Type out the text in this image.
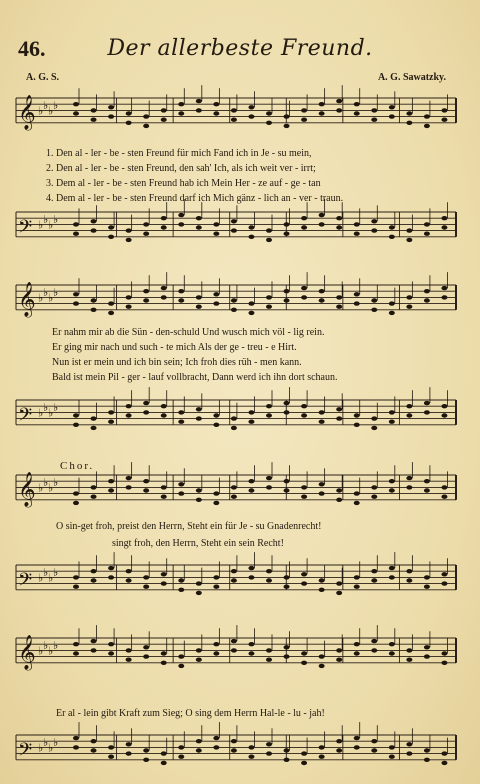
46.	Der allerbeste Freund.
A. G. S.	A. G. Sawatzky.
𝄞 ♭ ♭ ♭ ♭
𝄢 ♭ ♭ ♭ ♭
𝄞 ♭ ♭ ♭ ♭
𝄢 ♭ ♭ ♭ ♭
𝄞 ♭ ♭ ♭ ♭
𝄢 ♭ ♭ ♭ ♭
𝄞 ♭ ♭ ♭ ♭
𝄢 ♭ ♭ ♭ ♭
1. Den al - ler - be - sten Freund für mich Fand ich in Je - su mein,
2. Den al - ler - be - sten Freund, den sah' Ich, als ich weit ver - irrt;
3. Dem al - ler - be - sten Freund hab ich Mein Her - ze auf - ge - tan
4. Dem al - ler - be - sten Freund darf ich Mich gänz - lich an - ver - traun.
Er nahm mir ab die Sün - den-schuld Und wusch mich völ - lig rein.
Er ging mir nach und such - te mich Als der ge - treu - e Hirt.
Nun ist er mein und ich bin sein; Ich froh dies rüh - men kann.
Bald ist mein Pil - ger - lauf vollbracht, Dann werd ich ihn dort schaun.
Chor.
O sin-get froh, preist den Herrn, Steht ein für Je - su Gnadenrecht!
singt froh, den Herrn, Steht ein sein Recht!
Er al - lein gibt Kraft zum Sieg; O sing dem Herrn Hal-le - lu - jah!
